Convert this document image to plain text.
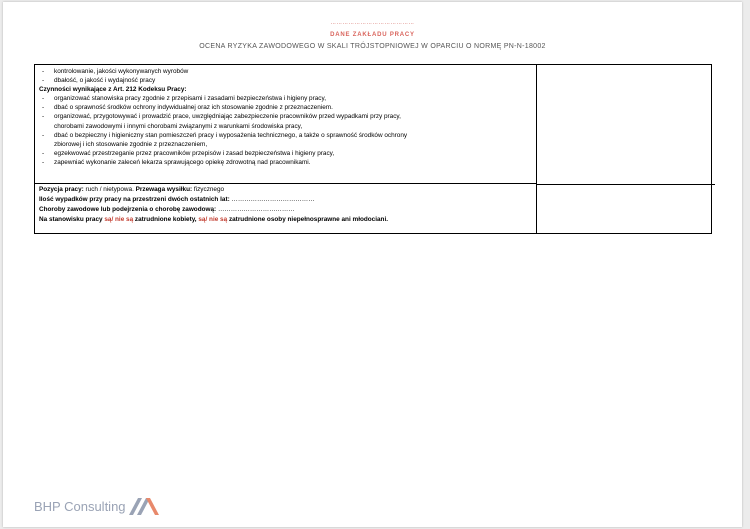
……………………………………
DANE ZAKŁADU PRACY
OCENA RYZYKA ZAWODOWEGO W SKALI TRÓJSTOPNIOWEJ W OPARCIU O NORMĘ PN-N-18002
-	kontrolowanie, jakości wykonywanych wyrobów
-	dbałość, o jakość i wydajność pracy
Czynności wynikające z Art. 212 Kodeksu Pracy:
-	organizować stanowiska pracy zgodnie z przepisami i zasadami bezpieczeństwa i higieny pracy,
-	dbać o sprawność środków ochrony indywidualnej oraz ich stosowanie zgodnie z przeznaczeniem.
-	organizować, przygotowywać i prowadzić prace, uwzględniając zabezpieczenie pracowników przed wypadkami przy pracy,
chorobami zawodowymi i innymi chorobami związanymi z warunkami środowiska pracy,
-	dbać o bezpieczny i higieniczny stan pomieszczeń pracy i wyposażenia technicznego, a także o sprawność środków ochrony
zbiorowej i ich stosowanie zgodnie z przeznaczeniem,
-	egzekwować przestrzeganie przez pracowników przepisów i zasad bezpieczeństwa i higieny pracy,
-	zapewniać wykonanie zaleceń lekarza sprawującego opiekę zdrowotną nad pracownikami.
Pozycja pracy: ruch / nietypowa. Przewaga wysiłku: fizycznego
Ilość wypadków przy pracy na przestrzeni dwóch ostatnich lat: …………………………………
Choroby zawodowe lub podejrzenia o chorobę zawodową: ………………………………
Na stanowisku pracy są/ nie są zatrudnione kobiety, są/ nie są zatrudnione osoby niepełnosprawne ani młodociani.
BHP Consulting
